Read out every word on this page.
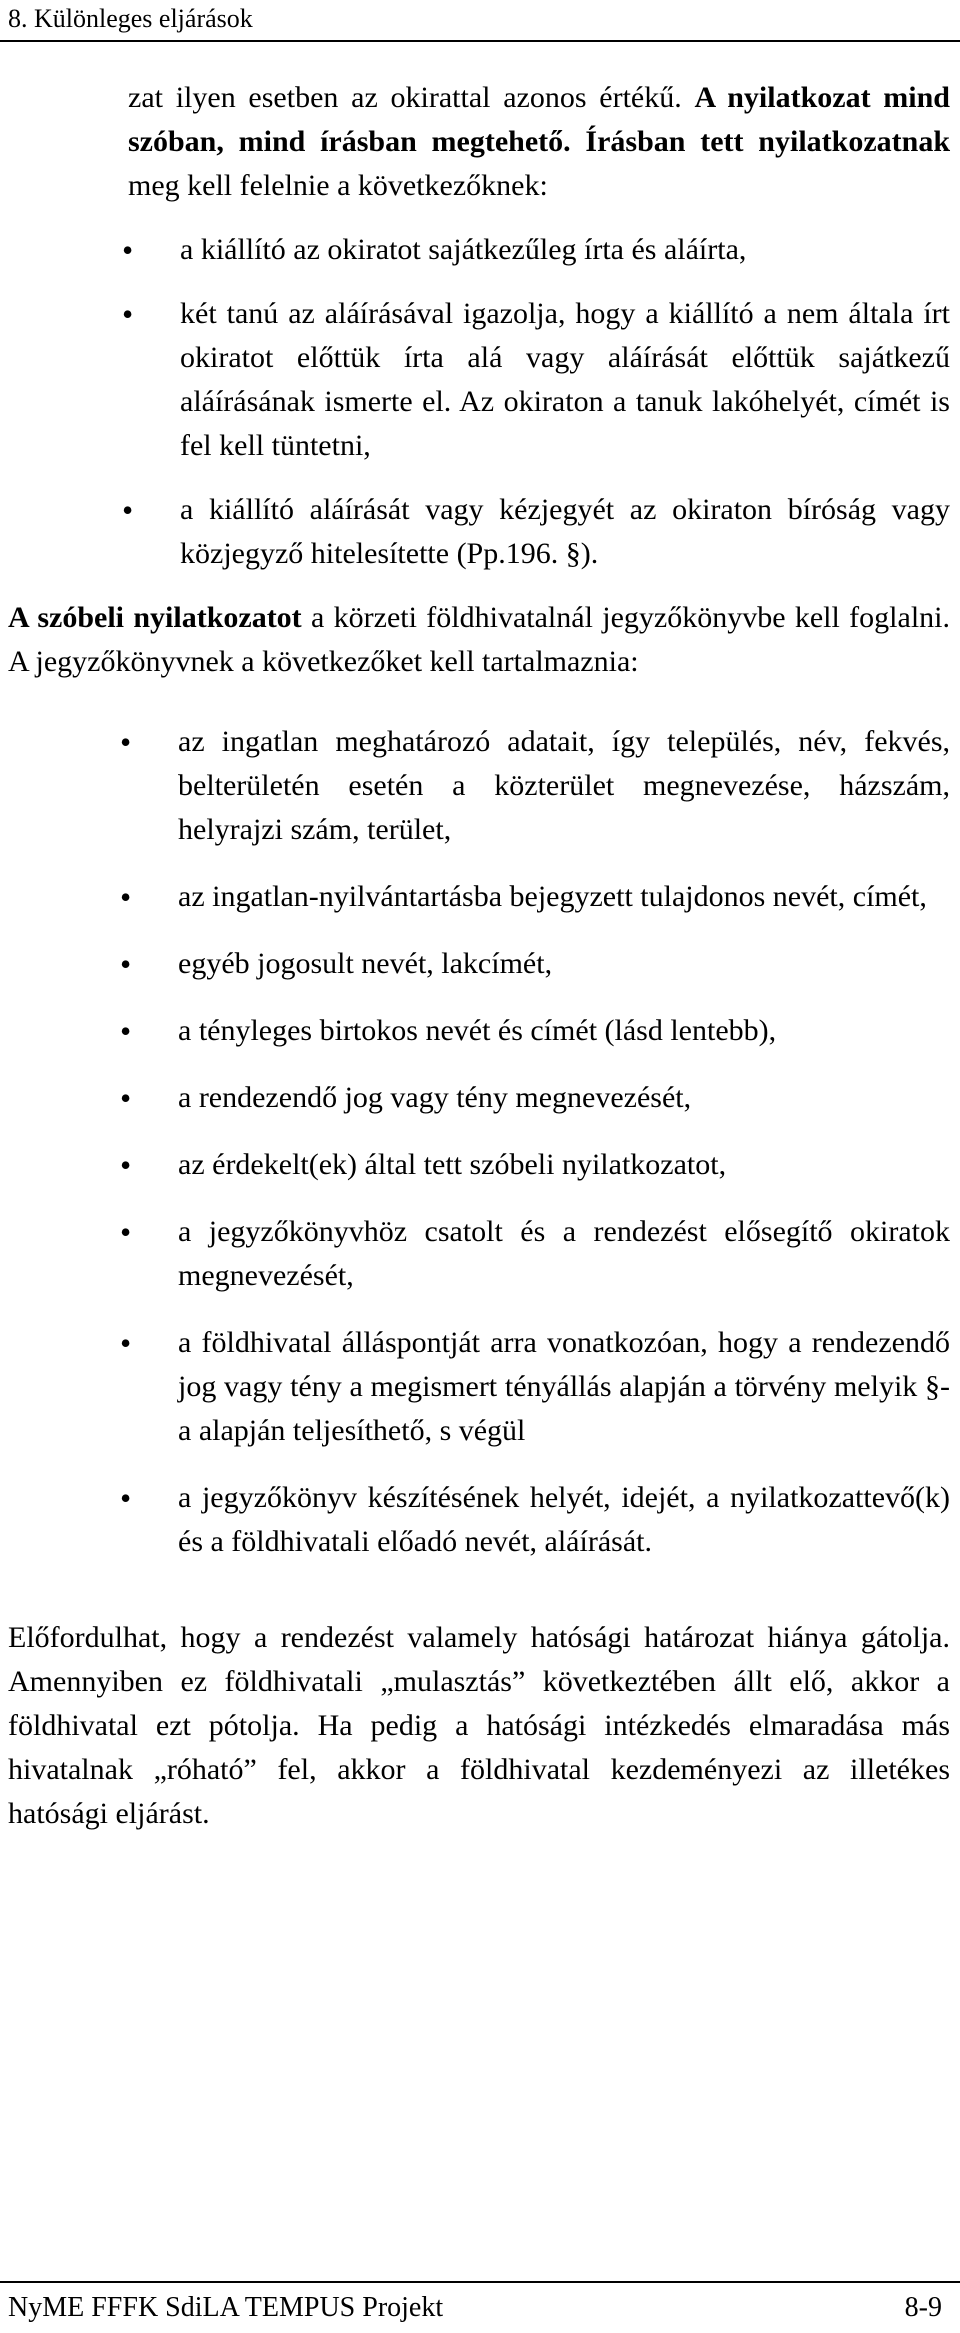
8. Különleges eljárások

zat ilyen esetben az okirattal azonos értékű. A nyilatkozat mind szóban, mind írásban megtehető. Írásban tett nyilatkozatnak meg kell felelnie a következőknek:

• a kiállító az okiratot sajátkezűleg írta és aláírta,
• két tanú az aláírásával igazolja, hogy a kiállító a nem általa írt okiratot előttük írta alá vagy aláírását előttük sajátkezű aláírásának ismerte el. Az okiraton a tanuk lakóhelyét, címét is fel kell tüntetni,
• a kiállító aláírását vagy kézjegyét az okiraton bíróság vagy közjegyző hitelesítette (Pp.196. §).

A szóbeli nyilatkozatot a körzeti földhivatalnál jegyzőkönyvbe kell foglalni. A jegyzőkönyvnek a következőket kell tartalmaznia:

• az ingatlan meghatározó adatait, így település, név, fekvés, belterületén esetén a közterület megnevezése, házszám, helyrajzi szám, terület,
• az ingatlan-nyilvántartásba bejegyzett tulajdonos nevét, címét,
• egyéb jogosult nevét, lakcímét,
• a tényleges birtokos nevét és címét (lásd lentebb),
• a rendezendő jog vagy tény megnevezését,
• az érdekelt(ek) által tett szóbeli nyilatkozatot,
• a jegyzőkönyvhöz csatolt és a rendezést elősegítő okiratok megnevezését,
• a földhivatal álláspontját arra vonatkozóan, hogy a rendezendő jog vagy tény a megismert tényállás alapján a törvény melyik §-a alapján teljesíthető, s végül
• a jegyzőkönyv készítésének helyét, idejét, a nyilatkozattevő(k) és a földhivatali előadó nevét, aláírását.

Előfordulhat, hogy a rendezést valamely hatósági határozat hiánya gátolja. Amennyiben ez földhivatali „mulasztás” következtében állt elő, akkor a földhivatal ezt pótolja. Ha pedig a hatósági intézkedés elmaradása más hivatalnak „róható” fel, akkor a földhivatal kezdeményezi az illetékes hatósági eljárást.

NyME FFFK SdiLA TEMPUS Projekt	8-9
